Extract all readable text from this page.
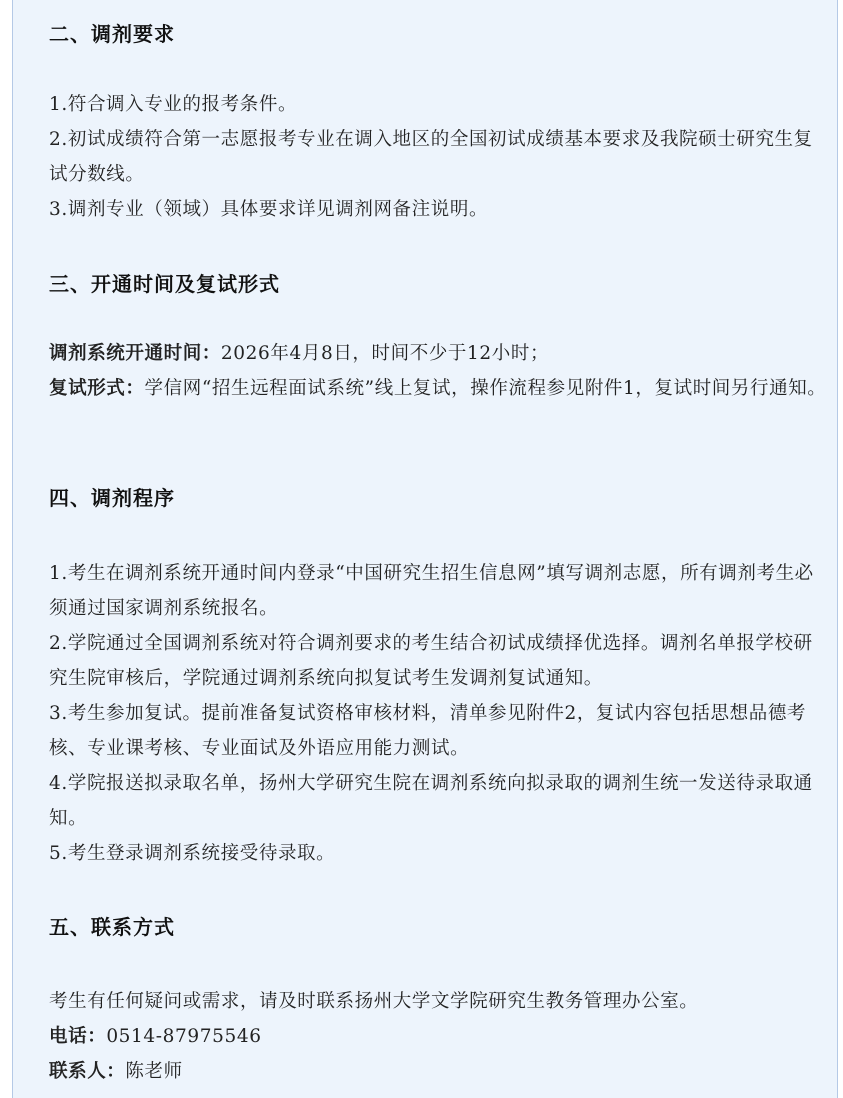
二、调剂要求

1.符合调入专业的报考条件。

2.初试成绩符合第一志愿报考专业在调入地区的全国初试成绩基本要求及我院硕士研究生复试分数线。

3.调剂专业（领域）具体要求详见调剂网备注说明。

三、开通时间及复试形式

调剂系统开通时间：2026年4月8日，时间不少于12小时；

复试形式：学信网“招生远程面试系统”线上复试，操作流程参见附件1，复试时间另行通知。

四、调剂程序

1.考生在调剂系统开通时间内登录“中国研究生招生信息网”填写调剂志愿，所有调剂考生必须通过国家调剂系统报名。

2.学院通过全国调剂系统对符合调剂要求的考生结合初试成绩择优选择。调剂名单报学校研究生院审核后，学院通过调剂系统向拟复试考生发调剂复试通知。

3.考生参加复试。提前准备复试资格审核材料，清单参见附件2，复试内容包括思想品德考核、专业课考核、专业面试及外语应用能力测试。

4.学院报送拟录取名单，扬州大学研究生院在调剂系统向拟录取的调剂生统一发送待录取通知。

5.考生登录调剂系统接受待录取。

五、联系方式

考生有任何疑问或需求，请及时联系扬州大学文学院研究生教务管理办公室。

电话：0514-87975546

联系人：陈老师
